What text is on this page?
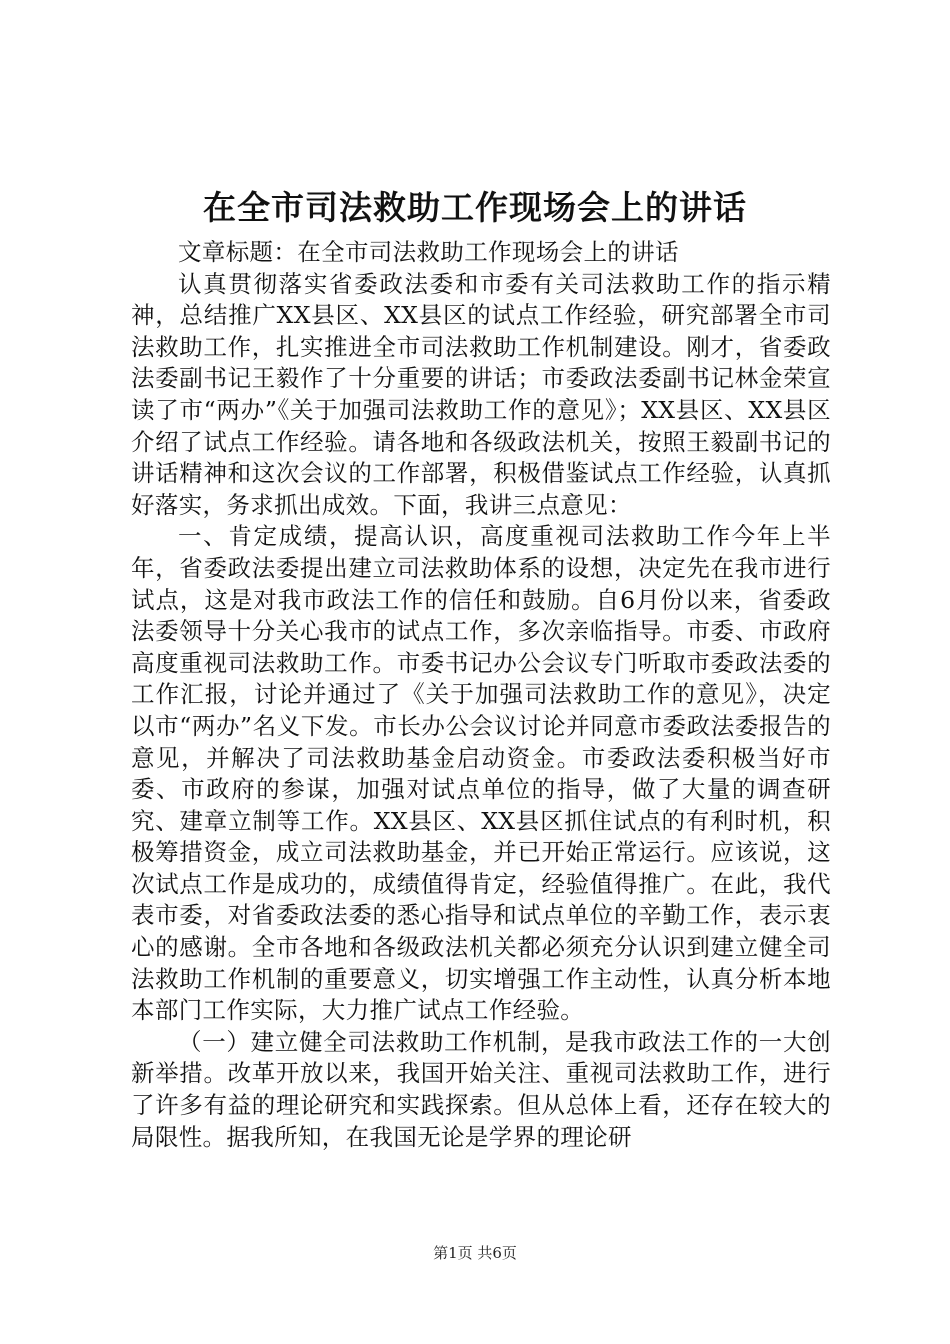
在全市司法救助工作现场会上的讲话

文章标题：在全市司法救助工作现场会上的讲话

认真贯彻落实省委政法委和市委有关司法救助工作的指示精神，总结推广XX县区、XX县区的试点工作经验，研究部署全市司法救助工作，扎实推进全市司法救助工作机制建设。刚才，省委政法委副书记王毅作了十分重要的讲话；市委政法委副书记林金荣宣读了市“两办”《关于加强司法救助工作的意见》；XX县区、XX县区介绍了试点工作经验。请各地和各级政法机关，按照王毅副书记的讲话精神和这次会议的工作部署，积极借鉴试点工作经验，认真抓好落实，务求抓出成效。下面，我讲三点意见：

一、肯定成绩，提高认识，高度重视司法救助工作今年上半年，省委政法委提出建立司法救助体系的设想，决定先在我市进行试点，这是对我市政法工作的信任和鼓励。自6月份以来，省委政法委领导十分关心我市的试点工作，多次亲临指导。市委、市政府高度重视司法救助工作。市委书记办公会议专门听取市委政法委的工作汇报，讨论并通过了《关于加强司法救助工作的意见》，决定以市“两办”名义下发。市长办公会议讨论并同意市委政法委报告的意见，并解决了司法救助基金启动资金。市委政法委积极当好市委、市政府的参谋，加强对试点单位的指导，做了大量的调查研究、建章立制等工作。XX县区、XX县区抓住试点的有利时机，积极筹措资金，成立司法救助基金，并已开始正常运行。应该说，这次试点工作是成功的，成绩值得肯定，经验值得推广。在此，我代表市委，对省委政法委的悉心指导和试点单位的辛勤工作，表示衷心的感谢。全市各地和各级政法机关都必须充分认识到建立健全司法救助工作机制的重要意义，切实增强工作主动性，认真分析本地本部门工作实际，大力推广试点工作经验。

（一）建立健全司法救助工作机制，是我市政法工作的一大创新举措。改革开放以来，我国开始关注、重视司法救助工作，进行了许多有益的理论研究和实践探索。但从总体上看，还存在较大的局限性。据我所知，在我国无论是学界的理论研

第1页 共6页
